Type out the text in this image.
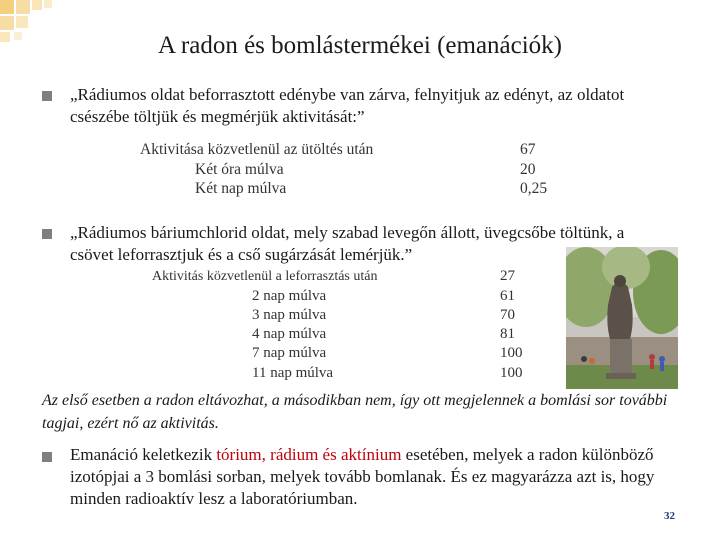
A radon és bomlástermékei (emanációk)
„Rádiumos oldat beforrasztott edénybe van zárva, felnyitjuk az edényt, az oldatot csészébe töltjük és megmérjük aktivitását:”
Aktivitása közvetlenül az ütöltés után	67
Két óra múlva	20
Két nap múlva	0,25
„Rádiumos báriumchlorid oldat, mely szabad levegőn állott, üvegcsőbe töltünk, a csövet leforrasztjuk és a cső sugárzását lemérjük.”
Aktivitás közvetlenül a leforrasztás után	27
2 nap múlva	61
3 nap múlva	70
4 nap múlva	81
7 nap múlva	100
11 nap múlva	100
Az első esetben a radon eltávozhat, a másodikban nem, így ott megjelennek a bomlási sor további tagjai, ezért nő az aktivitás.
Emanáció keletkezik tórium, rádium és aktínium esetében, melyek a radon különböző izotópjai a 3 bomlási sorban, melyek tovább bomlanak. És ez magyarázza azt is, hogy minden radioaktív lesz a laboratóriumban.
32
